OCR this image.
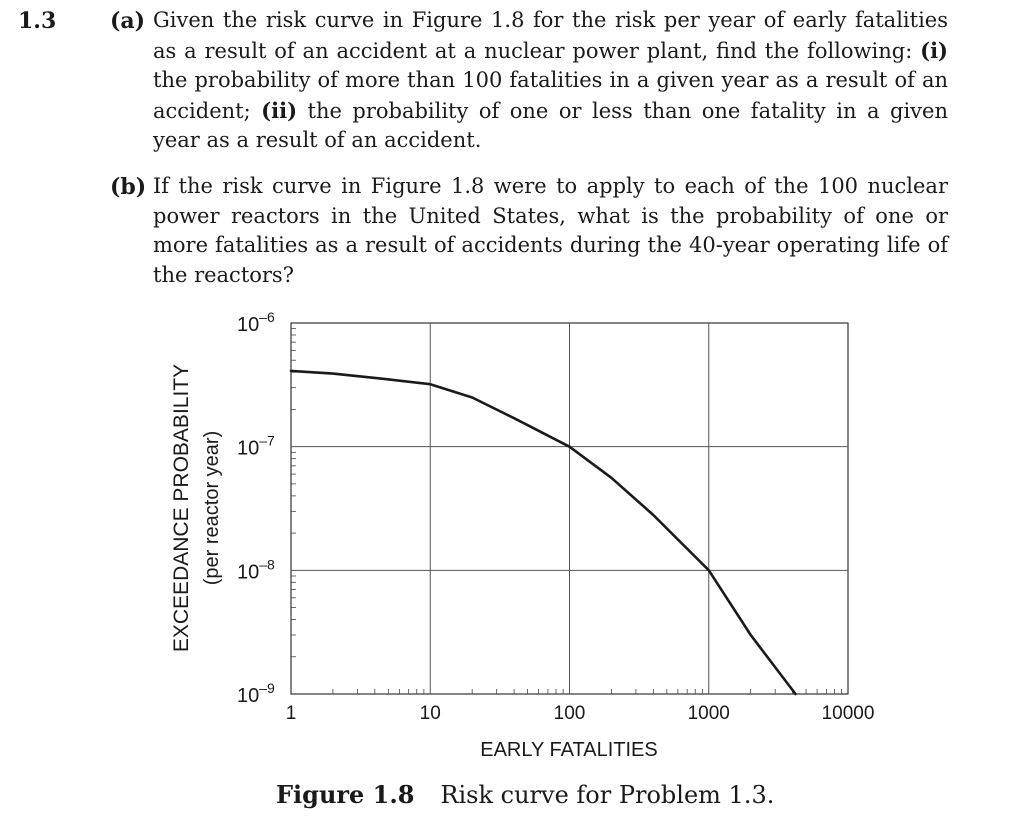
1.3 (a) Given the risk curve in Figure 1.8 for the risk per year of early fatalities as a result of an accident at a nuclear power plant, find the following: (i) the probability of more than 100 fatalities in a given year as a result of an accident; (ii) the probability of one or less than one fatality in a given year as a result of an accident.
(b) If the risk curve in Figure 1.8 were to apply to each of the 100 nuclear power reactors in the United States, what is the probability of one or more fatalities as a result of accidents during the 40-year operating life of the reactors?
1	10	100	1000	10000
$10^{-6}$
$10^{-7}$
$10^{-8}$
$10^{-9}$
EARLY FATALITIES
EXCEEDANCE PROBABILITY (per reactor year)
Figure 1.8 Risk curve for Problem 1.3.
